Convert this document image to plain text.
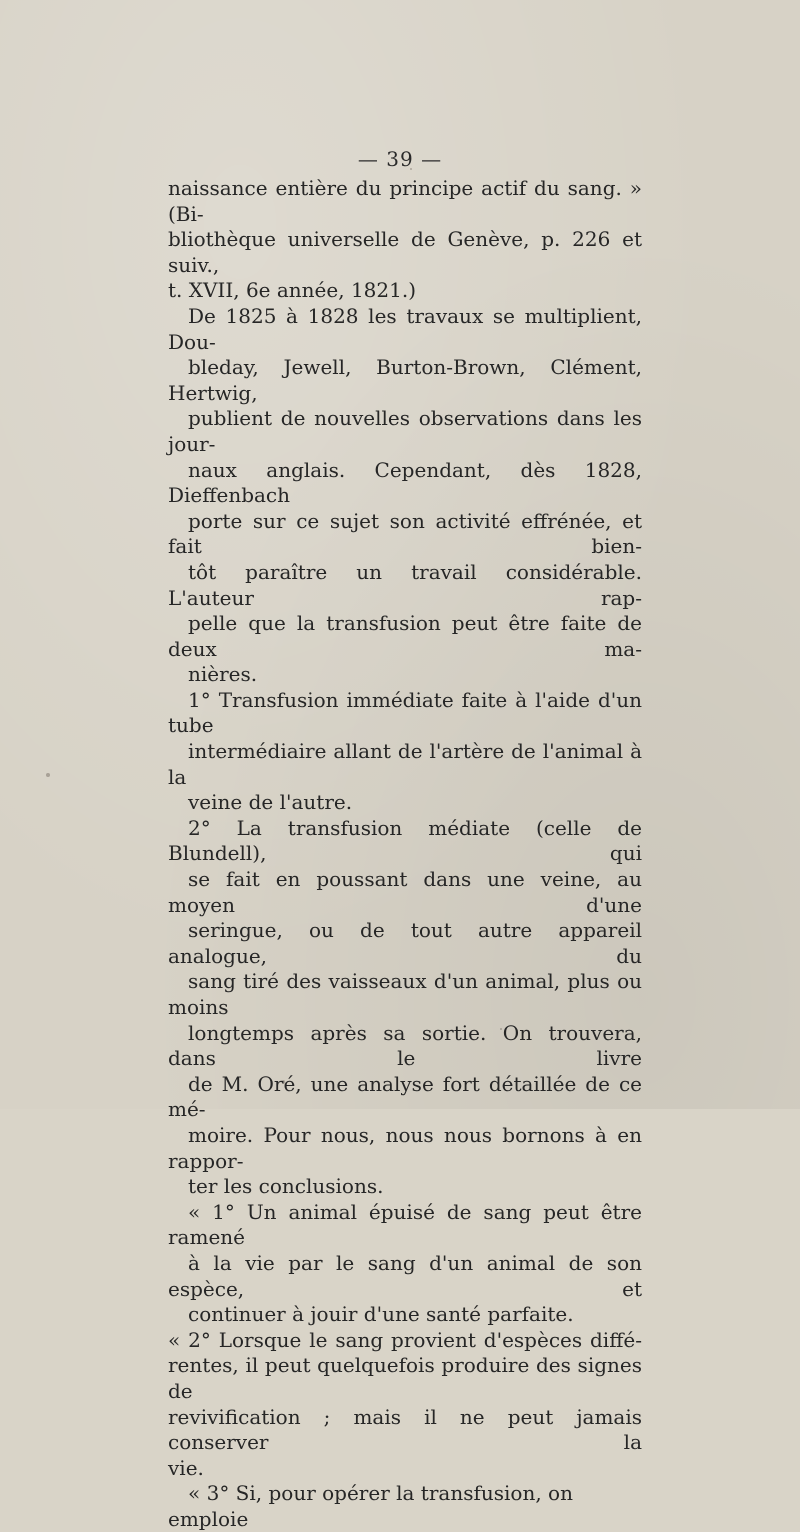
— 39 —

naissance entière du principe actif du sang. » (Bi-
bliothèque universelle de Genève, p. 226 et suiv.,
t. XVII, 6e année, 1821.)

De 1825 à 1828 les travaux se multiplient, Dou-
bleday, Jewell, Burton-Brown, Clément, Hertwig,
publient de nouvelles observations dans les jour-
naux anglais. Cependant, dès 1828, Dieffenbach
porte sur ce sujet son activité effrénée, et fait bien-
tôt paraître un travail considérable. L'auteur rap-
pelle que la transfusion peut être faite de deux ma-
nières.

1° Transfusion immédiate faite à l'aide d'un tube
intermédiaire allant de l'artère de l'animal à la
veine de l'autre.

2° La transfusion médiate (celle de Blundell), qui
se fait en poussant dans une veine, au moyen d'une
seringue, ou de tout autre appareil analogue, du
sang tiré des vaisseaux d'un animal, plus ou moins
longtemps après sa sortie. On trouvera, dans le livre
de M. Oré, une analyse fort détaillée de ce mé-
moire. Pour nous, nous nous bornons à en rappor-
ter les conclusions.

« 1° Un animal épuisé de sang peut être ramené
à la vie par le sang d'un animal de son espèce, et
continuer à jouir d'une santé parfaite.

« 2° Lorsque le sang provient d'espèces diffé-
rentes, il peut quelquefois produire des signes de
revivification ; mais il ne peut jamais conserver la
vie.

« 3° Si, pour opérer la transfusion, on emploie
